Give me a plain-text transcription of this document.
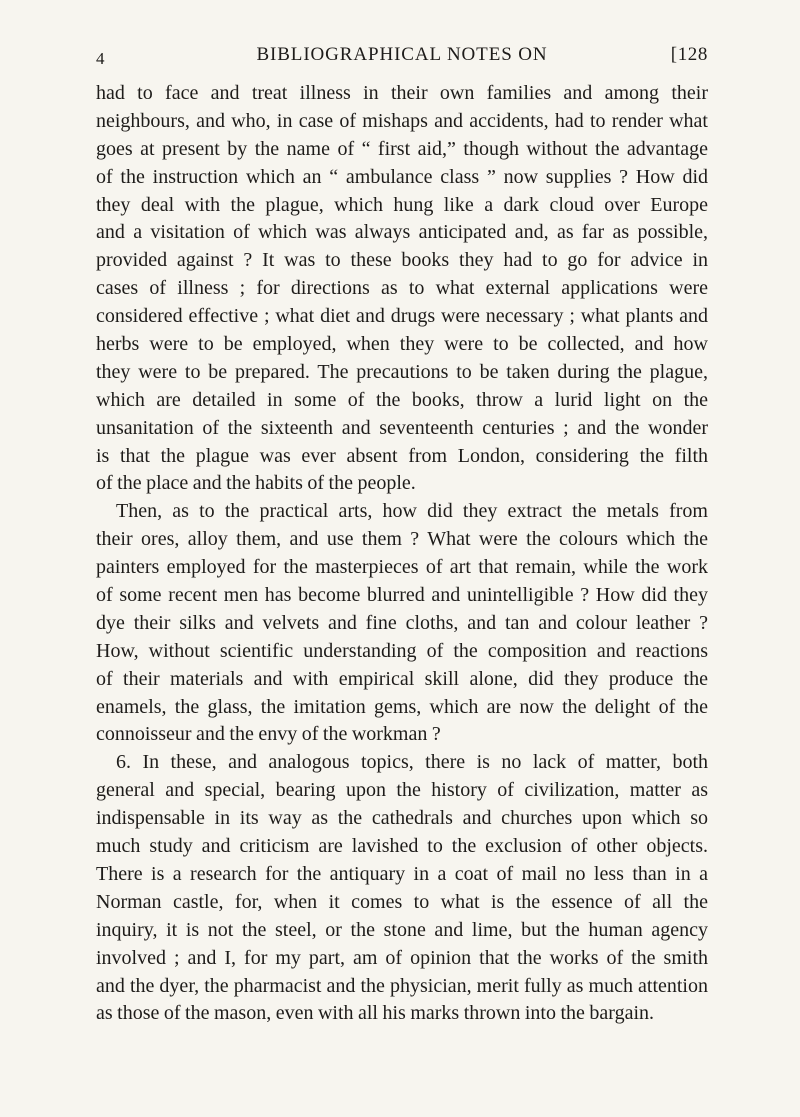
4	BIBLIOGRAPHICAL NOTES ON	[128
had to face and treat illness in their own families and among their
neighbours, and who, in case of mishaps and accidents, had to render what
goes at present by the name of “ first aid,” though without the advantage
of the instruction which an “ ambulance class ” now supplies ? How did
they deal with the plague, which hung like a dark cloud over Europe
and a visitation of which was always anticipated and, as far as possible,
provided against ? It was to these books they had to go for advice in
cases of illness ; for directions as to what external applications were
considered effective ; what diet and drugs were necessary ; what plants and
herbs were to be employed, when they were to be collected, and how
they were to be prepared. The precautions to be taken during the plague,
which are detailed in some of the books, throw a lurid light on the
unsanitation of the sixteenth and seventeenth centuries ; and the wonder
is that the plague was ever absent from London, considering the filth
of the place and the habits of the people.
Then, as to the practical arts, how did they extract the metals from
their ores, alloy them, and use them ? What were the colours which the
painters employed for the masterpieces of art that remain, while the work
of some recent men has become blurred and unintelligible ? How did they
dye their silks and velvets and fine cloths, and tan and colour leather ?
How, without scientific understanding of the composition and reactions
of their materials and with empirical skill alone, did they produce the
enamels, the glass, the imitation gems, which are now the delight of the
connoisseur and the envy of the workman ?
6. In these, and analogous topics, there is no lack of matter, both
general and special, bearing upon the history of civilization, matter as
indispensable in its way as the cathedrals and churches upon which so
much study and criticism are lavished to the exclusion of other objects.
There is a research for the antiquary in a coat of mail no less than in a
Norman castle, for, when it comes to what is the essence of all the
inquiry, it is not the steel, or the stone and lime, but the human agency
involved ; and I, for my part, am of opinion that the works of the smith
and the dyer, the pharmacist and the physician, merit fully as much attention
as those of the mason, even with all his marks thrown into the bargain.
